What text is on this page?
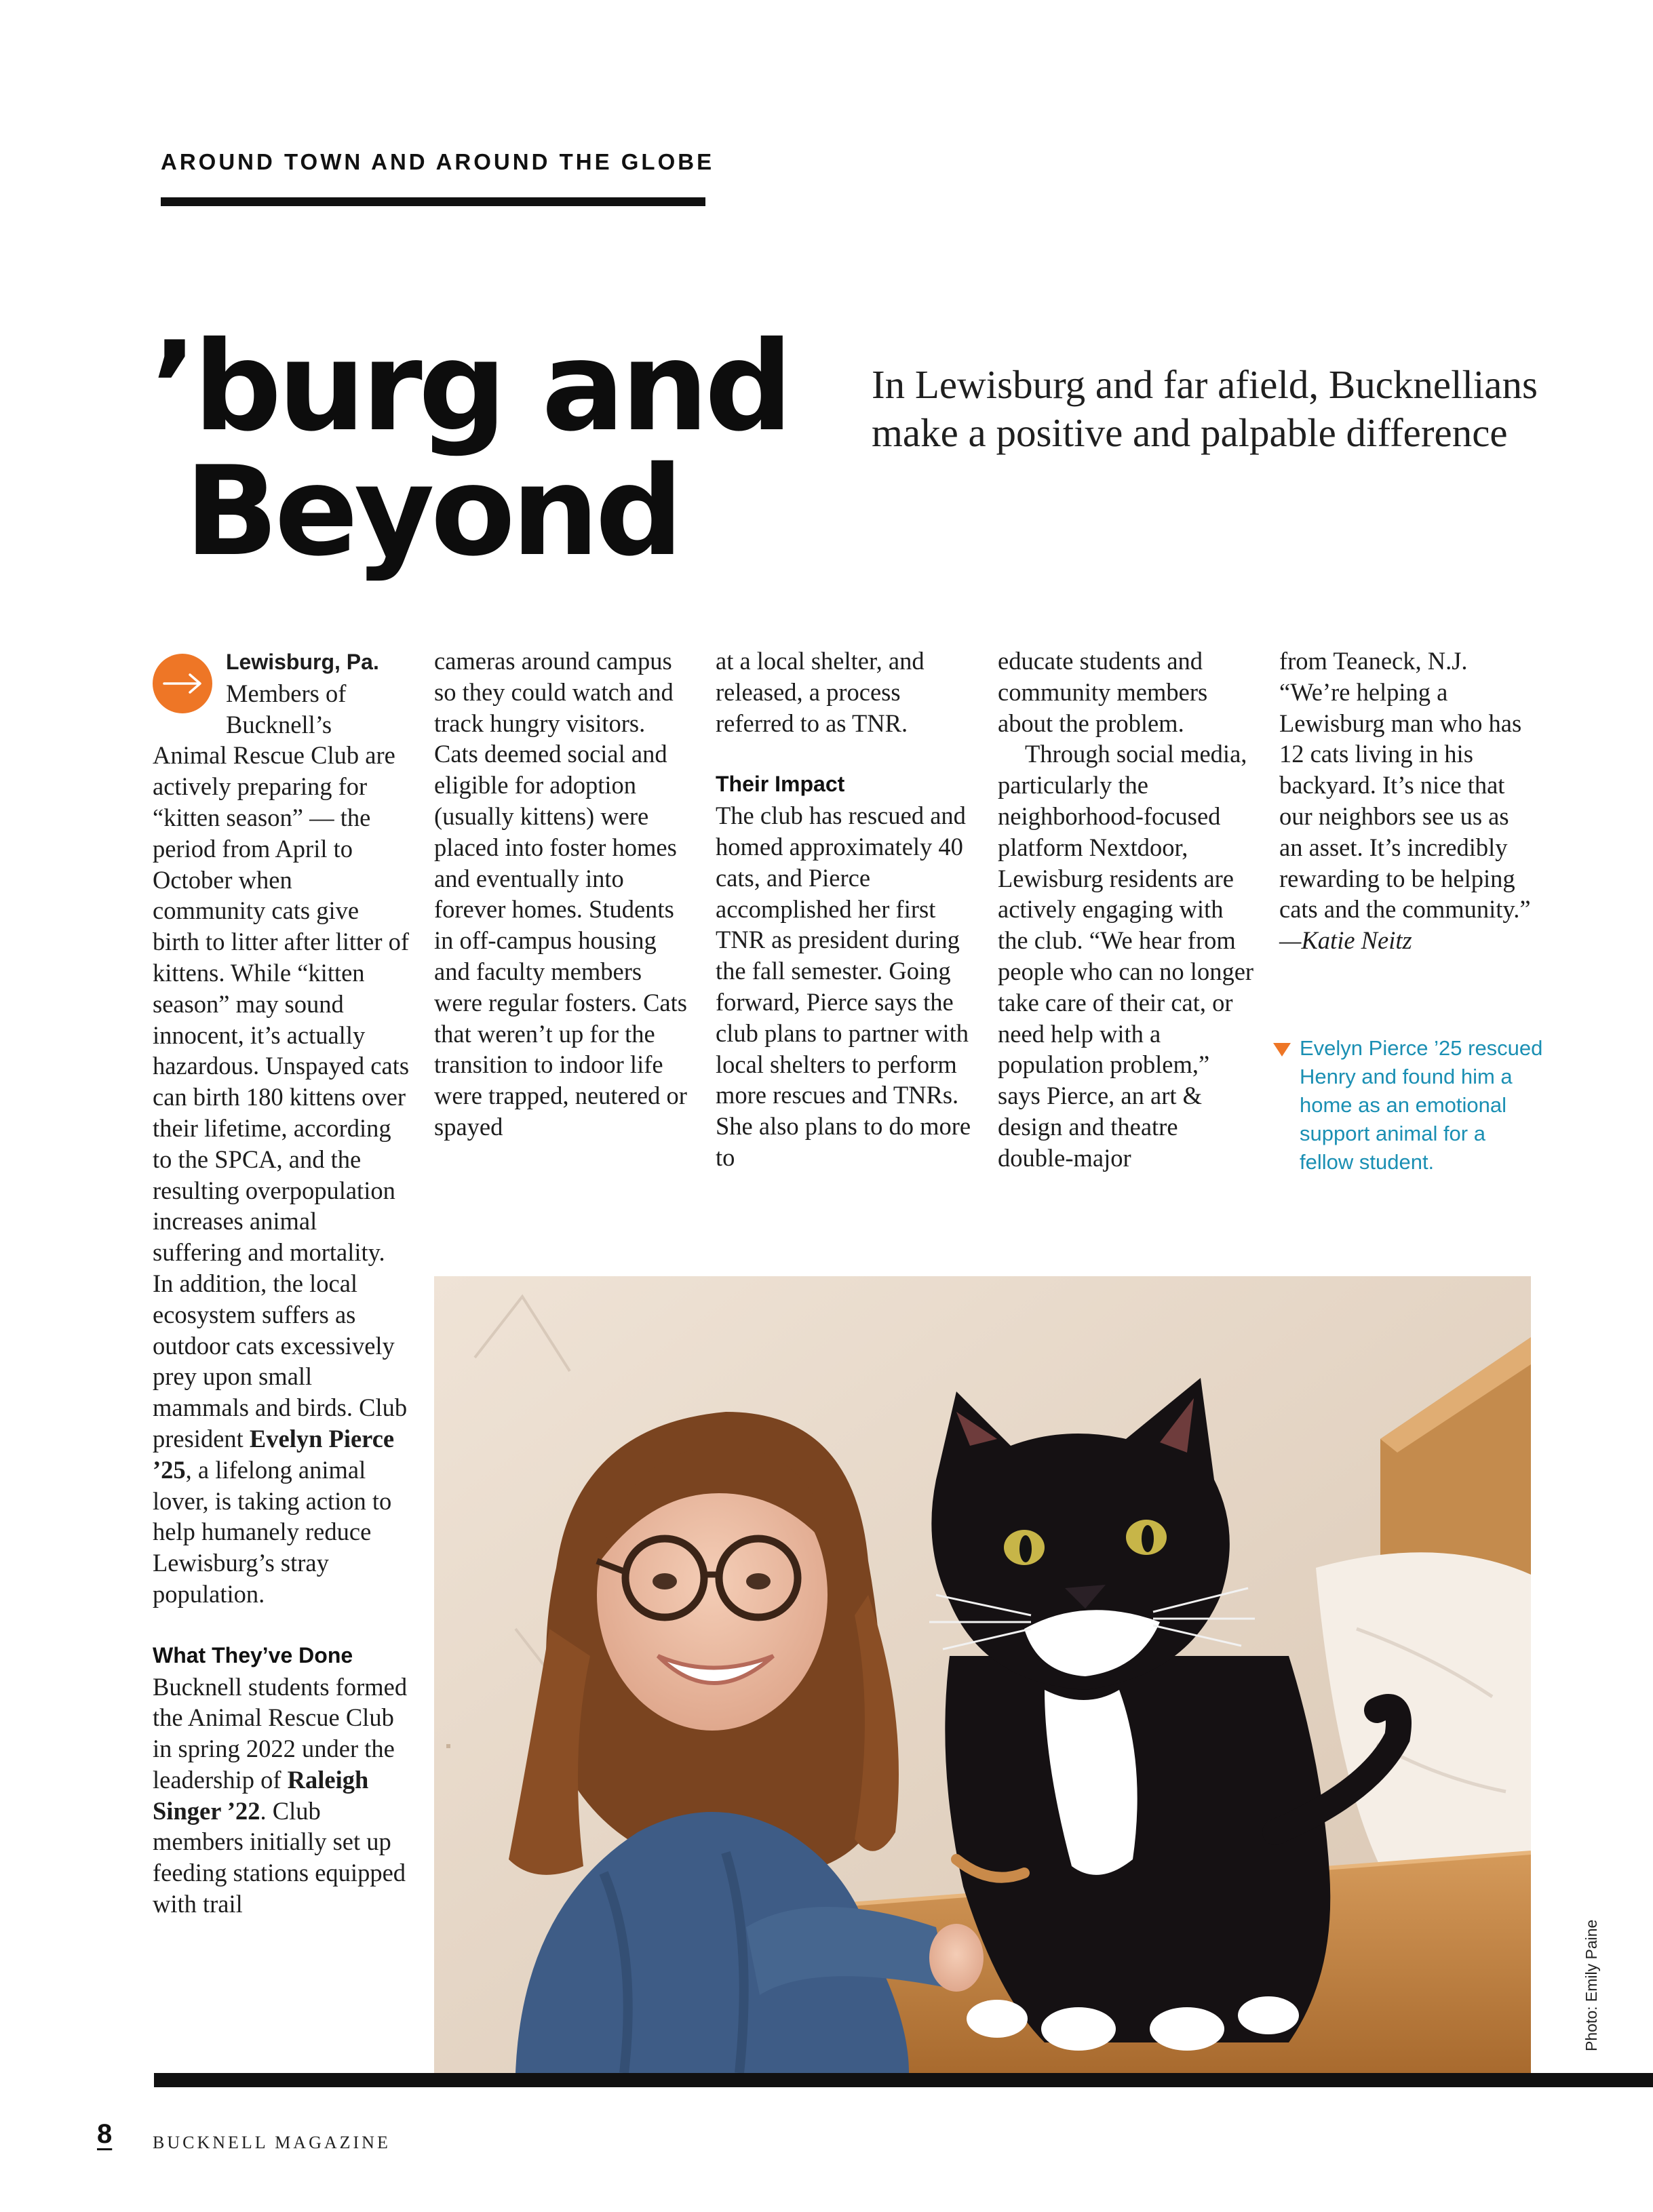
AROUND TOWN AND AROUND THE GLOBE
’burg and

Beyond
In Lewisburg and far afield, Bucknellians make a positive and palpable difference

Lewisburg, Pa. Members of Bucknell’s Animal Rescue Club are actively preparing for “kitten season” — the period from April to October when community cats give birth to litter after litter of kittens. While “kitten season” may sound innocent, it’s actually hazardous. Unspayed cats can birth 180 kittens over their lifetime, according to the SPCA, and the resulting overpopulation increases animal suffering and mortality. In addition, the local ecosystem suffers as outdoor cats excessively prey upon small mammals and birds. Club president Evelyn Pierce ’25, a lifelong animal lover, is taking action to help humanely reduce Lewisburg’s stray population.

What They’ve Done

Bucknell students formed the Animal Rescue Club in spring 2022 under the leadership of Raleigh Singer ’22. Club members initially set up feeding stations equipped with trail

cameras around campus so they could watch and track hungry visitors. Cats deemed social and eligible for adoption (usually kittens) were placed into foster homes and eventually into forever homes. Students in off-campus housing and faculty members were regular fosters. Cats that weren’t up for the transition to indoor life were trapped, neutered or spayed

at a local shelter, and released, a process referred to as TNR.

Their Impact

The club has rescued and homed approximately 40 cats, and Pierce accomplished her first TNR as president during the fall semester. Going forward, Pierce says the club plans to partner with local shelters to perform more rescues and TNRs. She also plans to do more to

educate students and community members about the problem.

Through social media, particularly the neighborhood-focused platform Nextdoor, Lewisburg residents are actively engaging with the club. “We hear from people who can no longer take care of their cat, or need help with a population problem,” says Pierce, an art & design and theatre double-major

from Teaneck, N.J. “We’re helping a Lewisburg man who has 12 cats living in his backyard. It’s nice that our neighbors see us as an asset. It’s incredibly rewarding to be helping cats and the community.”

—Katie Neitz

Evelyn Pierce ’25 rescued Henry and found him a home as an emotional support animal for a fellow student.
Photo: Emily Paine
8 BUCKNELL MAGAZINE
